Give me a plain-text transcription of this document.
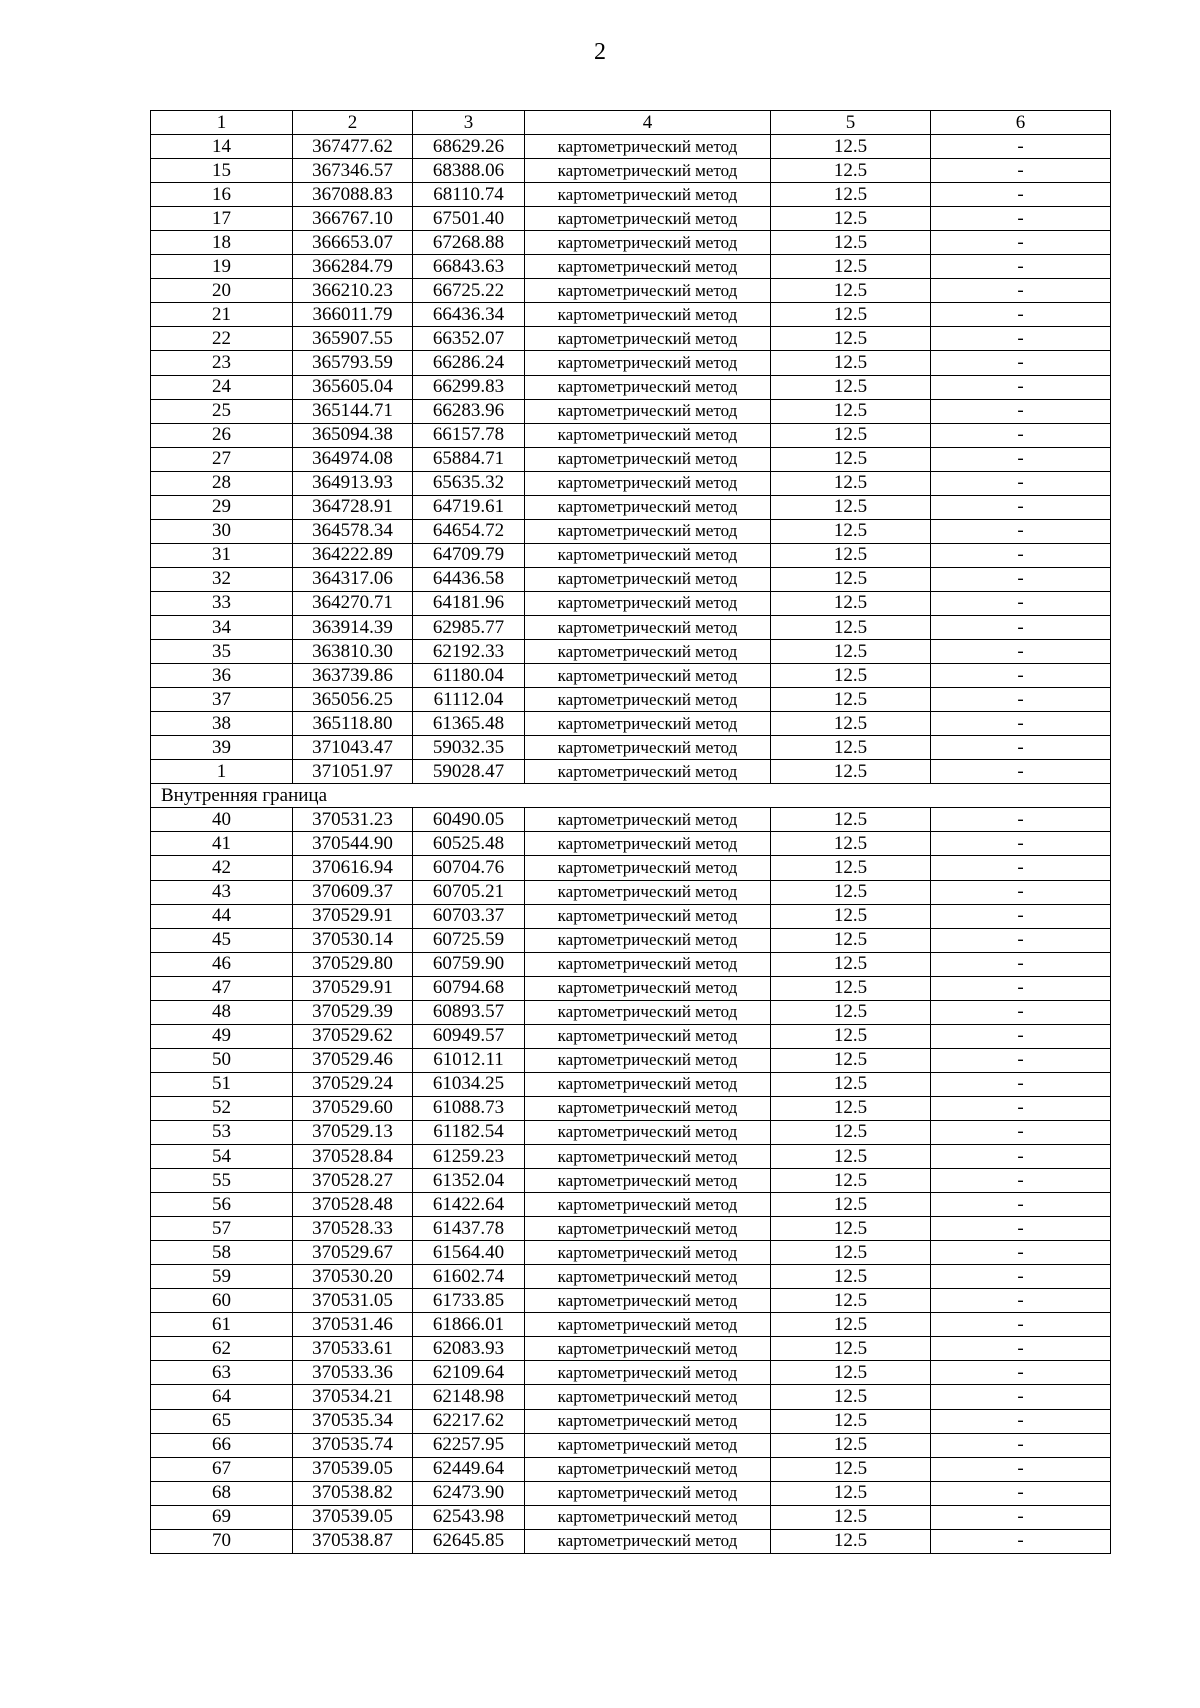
2
1	2	3	4	5	6
14	367477.62	68629.26	картометрический метод	12.5	-
15	367346.57	68388.06	картометрический метод	12.5	-
16	367088.83	68110.74	картометрический метод	12.5	-
17	366767.10	67501.40	картометрический метод	12.5	-
18	366653.07	67268.88	картометрический метод	12.5	-
19	366284.79	66843.63	картометрический метод	12.5	-
20	366210.23	66725.22	картометрический метод	12.5	-
21	366011.79	66436.34	картометрический метод	12.5	-
22	365907.55	66352.07	картометрический метод	12.5	-
23	365793.59	66286.24	картометрический метод	12.5	-
24	365605.04	66299.83	картометрический метод	12.5	-
25	365144.71	66283.96	картометрический метод	12.5	-
26	365094.38	66157.78	картометрический метод	12.5	-
27	364974.08	65884.71	картометрический метод	12.5	-
28	364913.93	65635.32	картометрический метод	12.5	-
29	364728.91	64719.61	картометрический метод	12.5	-
30	364578.34	64654.72	картометрический метод	12.5	-
31	364222.89	64709.79	картометрический метод	12.5	-
32	364317.06	64436.58	картометрический метод	12.5	-
33	364270.71	64181.96	картометрический метод	12.5	-
34	363914.39	62985.77	картометрический метод	12.5	-
35	363810.30	62192.33	картометрический метод	12.5	-
36	363739.86	61180.04	картометрический метод	12.5	-
37	365056.25	61112.04	картометрический метод	12.5	-
38	365118.80	61365.48	картометрический метод	12.5	-
39	371043.47	59032.35	картометрический метод	12.5	-
1	371051.97	59028.47	картометрический метод	12.5	-
Внутренняя граница					
40	370531.23	60490.05	картометрический метод	12.5	-
41	370544.90	60525.48	картометрический метод	12.5	-
42	370616.94	60704.76	картометрический метод	12.5	-
43	370609.37	60705.21	картометрический метод	12.5	-
44	370529.91	60703.37	картометрический метод	12.5	-
45	370530.14	60725.59	картометрический метод	12.5	-
46	370529.80	60759.90	картометрический метод	12.5	-
47	370529.91	60794.68	картометрический метод	12.5	-
48	370529.39	60893.57	картометрический метод	12.5	-
49	370529.62	60949.57	картометрический метод	12.5	-
50	370529.46	61012.11	картометрический метод	12.5	-
51	370529.24	61034.25	картометрический метод	12.5	-
52	370529.60	61088.73	картометрический метод	12.5	-
53	370529.13	61182.54	картометрический метод	12.5	-
54	370528.84	61259.23	картометрический метод	12.5	-
55	370528.27	61352.04	картометрический метод	12.5	-
56	370528.48	61422.64	картометрический метод	12.5	-
57	370528.33	61437.78	картометрический метод	12.5	-
58	370529.67	61564.40	картометрический метод	12.5	-
59	370530.20	61602.74	картометрический метод	12.5	-
60	370531.05	61733.85	картометрический метод	12.5	-
61	370531.46	61866.01	картометрический метод	12.5	-
62	370533.61	62083.93	картометрический метод	12.5	-
63	370533.36	62109.64	картометрический метод	12.5	-
64	370534.21	62148.98	картометрический метод	12.5	-
65	370535.34	62217.62	картометрический метод	12.5	-
66	370535.74	62257.95	картометрический метод	12.5	-
67	370539.05	62449.64	картометрический метод	12.5	-
68	370538.82	62473.90	картометрический метод	12.5	-
69	370539.05	62543.98	картометрический метод	12.5	-
70	370538.87	62645.85	картометрический метод	12.5	-
